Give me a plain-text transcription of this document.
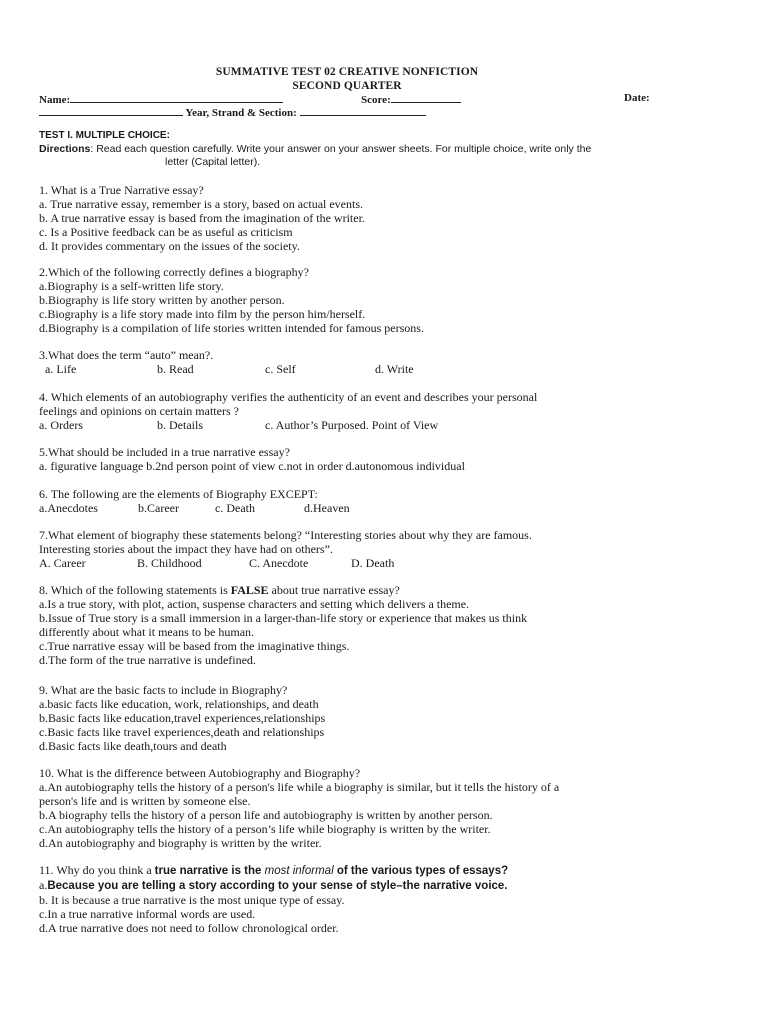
SUMMATIVE TEST 02 CREATIVE NONFICTION
SECOND QUARTER
Name:	Score:	Date:
Year, Strand & Section:
TEST I. MULTIPLE CHOICE:
Directions: Read each question carefully. Write your answer on your answer sheets. For multiple choice, write only the
letter (Capital letter).
1. What is a True Narrative essay?
a. True narrative essay, remember is a story, based on actual events.
b. A true narrative essay is based from the imagination of the writer.
c. Is a Positive feedback can be as useful as criticism
d. It provides commentary on the issues of the society.
2.Which of the following correctly defines a biography?
a.Biography is a self-written life story.
b.Biography is life story written by another person.
c.Biography is a life story made into film by the person him/herself.
d.Biography is a compilation of life stories written intended for famous persons.
3.What does the term “auto” mean?.
a. Life	b. Read	c. Self	d. Write
4. Which elements of an autobiography verifies the authenticity of an event and describes your personal
feelings and opinions on certain matters ?
a. Orders	b. Details	c. Author’s Purposed. Point of View
5.What should be included in a true narrative essay?
a. figurative language b.2nd person point of view c.not in order d.autonomous individual
6. The following are the elements of Biography EXCEPT:
a.Anecdotes	b.Career	c. Death	d.Heaven
7.What element of biography these statements belong? “Interesting stories about why they are famous.
Interesting stories about the impact they have had on others”.
A. Career	B. Childhood	C. Anecdote	D. Death
8. Which of the following statements is FALSE about true narrative essay?
a.Is a true story, with plot, action, suspense characters and setting which delivers a theme.
b.Issue of True story is a small immersion in a larger-than-life story or experience that makes us think
differently about what it means to be human.
c.True narrative essay will be based from the imaginative things.
d.The form of the true narrative is undefined.
9. What are the basic facts to include in Biography?
a.basic facts like education, work, relationships, and death
b.Basic facts like education,travel experiences,relationships
c.Basic facts like travel experiences,death and relationships
d.Basic facts like death,tours and death
10. What is the difference between Autobiography and Biography?
a.An autobiography tells the history of a person's life while a biography is similar, but it tells the history of a
person's life and is written by someone else.
b.A biography tells the history of a person life and autobiography is written by another person.
c.An autobiography tells the history of a person’s life while biography is written by the writer.
d.An autobiography and biography is written by the writer.
11. Why do you think a true narrative is the most informal of the various types of essays?
a.Because you are telling a story according to your sense of style–the narrative voice.
b. It is because a true narrative is the most unique type of essay.
c.In a true narrative informal words are used.
d.A true narrative does not need to follow chronological order.
